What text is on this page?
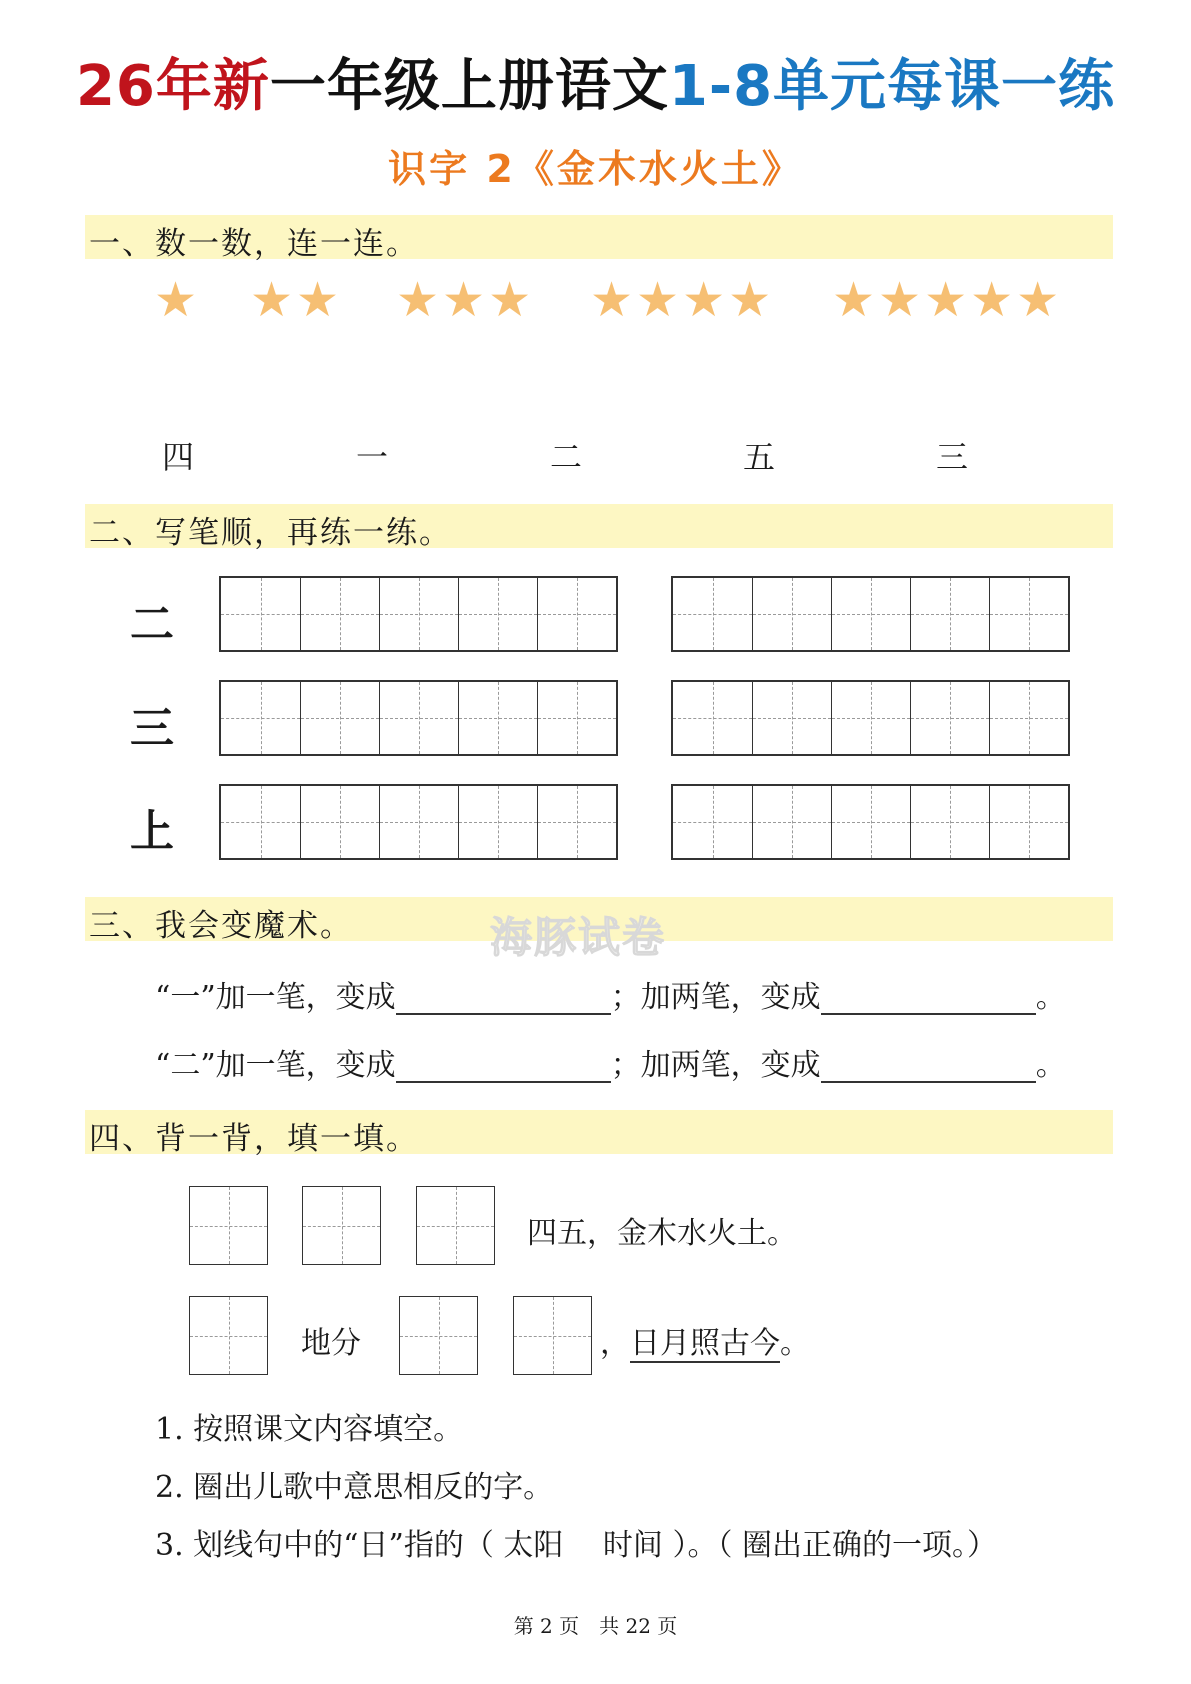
26年新一年级上册语文1-8单元每课一练
识字 2《金木水火土》
一、数一数，连一连。
★ ★★ ★★★ ★★★★ ★★★★★
四	一	二	五	三
二、写笔顺，再练一练。
二
三
上
三、我会变魔术。	海豚试卷
“一”加一笔，变成	；加两笔，变成	。
“二”加一笔，变成	；加两笔，变成	。
四、背一背，填一填。
四五，金木水火土。
地分	，日月照古今。
1. 按照课文内容填空。
2. 圈出儿歌中意思相反的字。
3. 划线句中的“日”指的（ 太阳　 时间 ）。（ 圈出正确的一项。）
第 2 页　共 22 页
